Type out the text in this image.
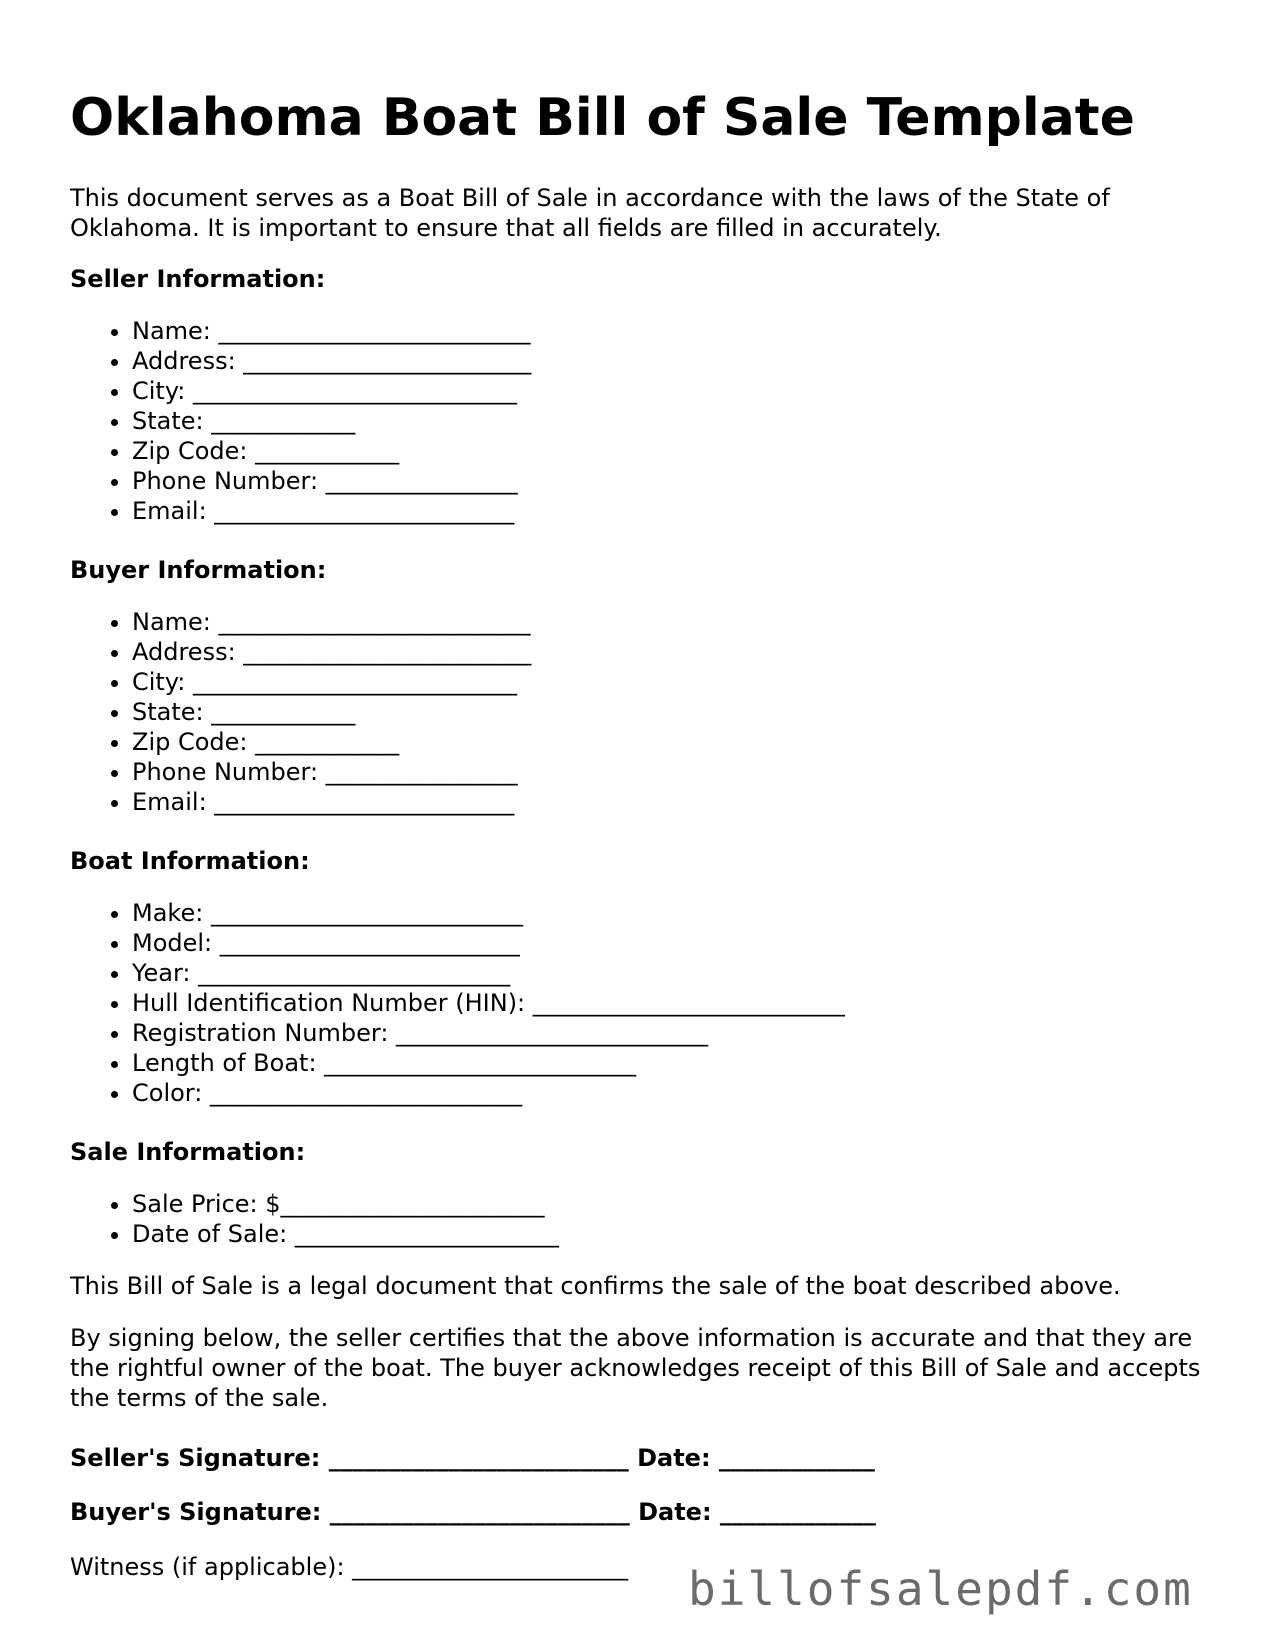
Oklahoma Boat Bill of Sale Template

This document serves as a Boat Bill of Sale in accordance with the laws of the State of Oklahoma. It is important to ensure that all fields are filled in accurately.

Seller Information:

• Name: __________________________
• Address: ________________________
• City: ___________________________
• State: ____________
• Zip Code: ____________
• Phone Number: ________________
• Email: _________________________

Buyer Information:

• Name: __________________________
• Address: ________________________
• City: ___________________________
• State: ____________
• Zip Code: ____________
• Phone Number: ________________
• Email: _________________________

Boat Information:

• Make: __________________________
• Model: _________________________
• Year: __________________________
• Hull Identification Number (HIN): __________________________
• Registration Number: __________________________
• Length of Boat: __________________________
• Color: __________________________

Sale Information:

• Sale Price: $______________________
• Date of Sale: ______________________

This Bill of Sale is a legal document that confirms the sale of the boat described above.

By signing below, the seller certifies that the above information is accurate and that they are the rightful owner of the boat. The buyer acknowledges receipt of this Bill of Sale and accepts the terms of the sale.

Seller's Signature: _________________________ Date: _____________

Buyer's Signature: _________________________ Date: _____________

Witness (if applicable): _______________________ billofsalepdf.com
